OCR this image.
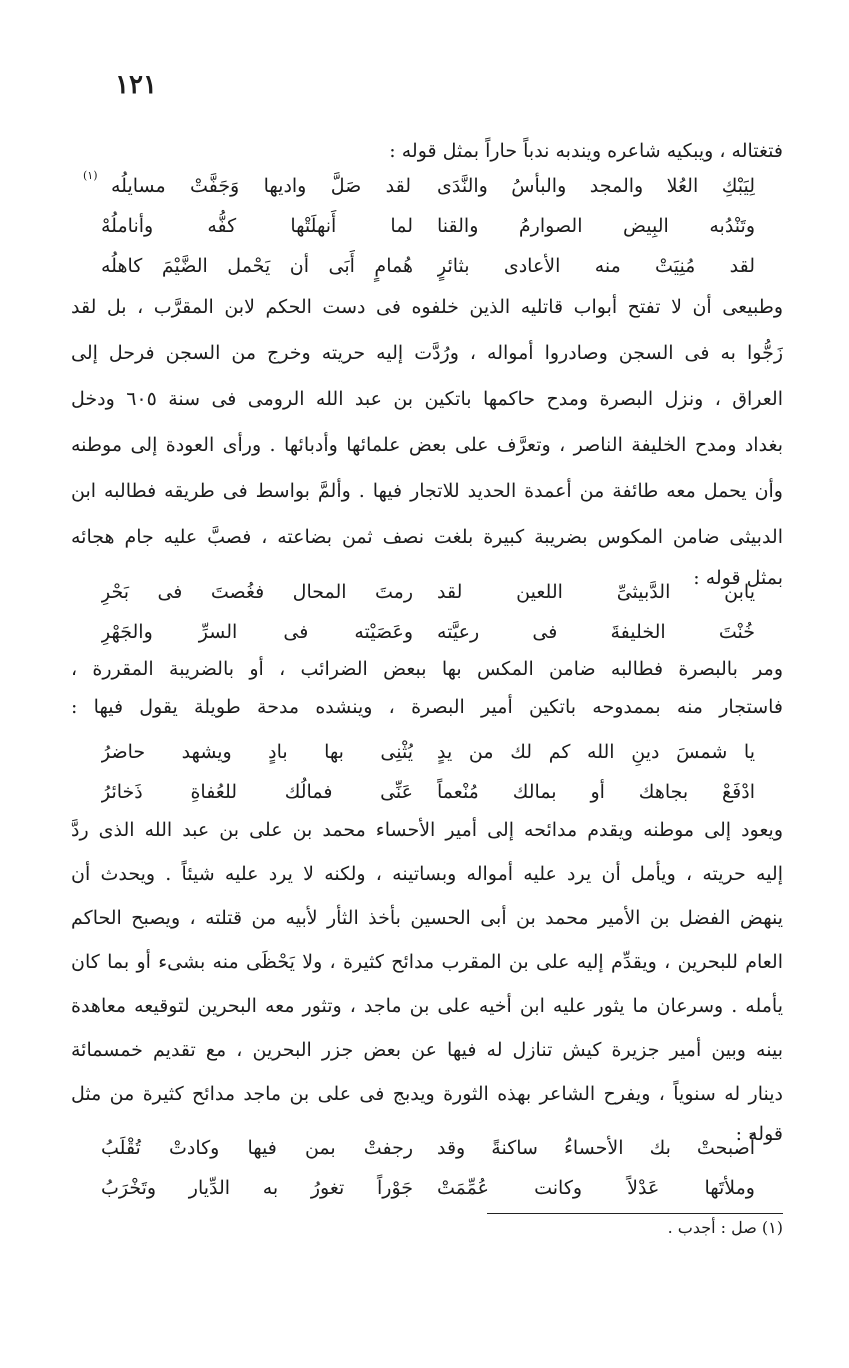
١٢١
فتغتاله ، ويبكيه شاعره ويندبه ندباً حاراً بمثل قوله :
لِيَبْكِ العُلا والمجد والبأسُ والنَّدَى
لقد صَلَّ واديها وَجَفَّتْ مسايلُه
(١)
وتَنْدُبه البِيض الصوارمُ والقنا
لما أَنهلَتْها كفُّه وأناملُهْ
لقد مُنِيَتْ منه الأعادى بثائرٍ
هُمامٍ أَبَى أن يَحْمل الضَّيْمَ كاهلُه
وطبيعى أن لا تفتح أبواب قاتليه الذين خلفوه فى دست الحكم لابن المقرَّب ، بل لقد
زَجُّوا به فى السجن وصادروا أمواله ، ورُدَّت إليه حريته وخرج من السجن فرحل إلى
العراق ، ونزل البصرة ومدح حاكمها باتكين بن عبد الله الرومى فى سنة ٦٠٥ ودخل
بغداد ومدح الخليفة الناصر ، وتعرَّف على بعض علمائها وأدبائها . ورأى العودة إلى موطنه
وأن يحمل معه طائفة من أعمدة الحديد للاتجار فيها . وألمَّ بواسط فى طريقه فطالبه ابن
الدبيثى ضامن المكوس بضريبة كبيرة بلغت نصف ثمن بضاعته ، فصبَّ عليه جام هجائه
بمثل قوله :
يابن الدَّبيثىِّ اللعين لقد
رمتَ المحال فغُصتَ فى بَحْرِ
خُنْتَ الخليفةَ فى رعيَّته
وعَصَيْته فى السرِّ والجَهْرِ
ومر بالبصرة فطالبه ضامن المكس بها ببعض الضرائب ، أو بالضريبة المقررة ،
فاستجار منه بممدوحه باتكين أمير البصرة ، وينشده مدحة طويلة يقول فيها :
يا شمسَ دينِ الله كم لك من يدٍ
يُثْنِى بها بادٍ ويشهد حاضرُ
ادْفَعْ بجاهك أو بمالك مُنْعماً
عَنِّى فمالُك للعُفاةِ ذَخائرُ
ويعود إلى موطنه ويقدم مدائحه إلى أمير الأحساء محمد بن على بن عبد الله الذى ردَّ
إليه حريته ، ويأمل أن يرد عليه أمواله وبساتينه ، ولكنه لا يرد عليه شيئاً . ويحدث أن
ينهض الفضل بن الأمير محمد بن أبى الحسين بأخذ الثأر لأبيه من قتلته ، ويصبح الحاكم
العام للبحرين ، ويقدِّم إليه على بن المقرب مدائح كثيرة ، ولا يَحْظَى منه بشىء أو بما كان
يأمله . وسرعان ما يثور عليه ابن أخيه على بن ماجد ، وتثور معه البحرين لتوقيعه معاهدة
بينه وبين أمير جزيرة كيش تنازل له فيها عن بعض جزر البحرين ، مع تقديم خمسمائة
دينار له سنوياً ، ويفرح الشاعر بهذه الثورة ويدبج فى على بن ماجد مدائح كثيرة من مثل
قوله :
أَصبحتْ بك الأحساءُ ساكنةً وقد
رجفتْ بمن فيها وكادتْ تُقْلَبُ
وملأتَها عَدْلاً وكانت عُمِّمَتْ
جَوْراً تغورُ به الدِّيار وتَخْرَبُ
(١) صل : أجدب .
